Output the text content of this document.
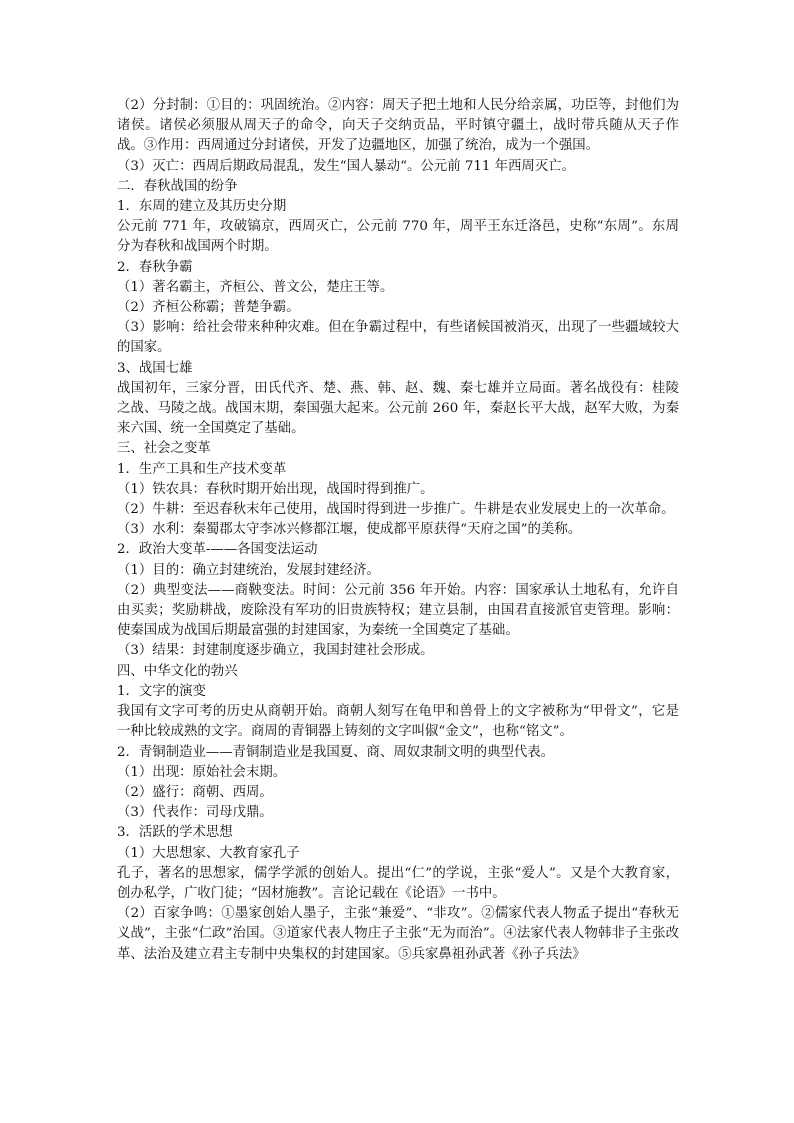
（2）分封制：①目的：巩固统治。②内容：周天子把土地和人民分给亲属，功臣等，封他们为诸侯。诸侯必须服从周天子的命令，向天子交纳贡品，平时镇守疆土，战时带兵随从天子作战。③作用：西周通过分封诸侯，开发了边疆地区，加强了统治，成为一个强国。

（3）灭亡：西周后期政局混乱，发生“国人暴动“。公元前 711 年西周灭亡。

二．春秋战国的纷争

1．东周的建立及其历史分期

公元前 771 年，攻破镐京，西周灭亡，公元前 770 年，周平王东迁洛邑，史称“东周”。东周分为春秋和战国两个时期。

2．春秋争霸

（1）著名霸主，齐桓公、普文公，楚庄王等。

（2）齐桓公称霸；普楚争霸。

（3）影响：给社会带来种种灾难。但在争霸过程中，有些诸候国被消灭，出现了一些疆域较大的国家。

3、战国七雄

战国初年，三家分晋，田氏代齐、楚、燕、韩、赵、魏、秦七雄并立局面。著名战役有：桂陵之战、马陵之战。战国末期，秦国强大起来。公元前 260 年，秦赵长平大战，赵军大败，为秦来六国、统一全国奠定了基础。

三、社会之变革

1．生产工具和生产技术变革

（1）铁农具：春秋时期开始出现，战国时得到推广。

（2）牛耕：至迟春秋末年己使用，战国时得到进一步推广。牛耕是农业发展史上的一次革命。

（3）水利：秦蜀郡太守李冰兴修都江堰，使成都平原获得“天府之国”的美称。

2．政治大变革-——各国变法运动

（1）目的：确立封建统治，发展封建经济。

（2）典型变法——商鞅变法。时间：公元前 356 年开始。内容：国家承认土地私有，允许自由买卖；奖励耕战，废除没有军功的旧贵族特权；建立县制，由国君直接派官吏管理。影响：使秦国成为战国后期最富强的封建国家，为秦统一全国奠定了基础。

（3）结果：封建制度逐步确立，我国封建社会形成。

四、中华文化的勃兴

1．文字的演变

我国有文字可考的历史从商朝开始。商朝人刻写在龟甲和兽骨上的文字被称为“甲骨文”，它是一种比较成熟的文字。商周的青铜器上铸刻的文字叫俶“金文”，也称“铭文”。

2．青铜制造业——青铜制造业是我国夏、商、周奴隶制文明的典型代表。

（1）出现：原始社会末期。

（2）盛行：商朝、西周。

（3）代表作：司母戊鼎。

3．活跃的学术思想

（1）大思想家、大教育家孔子

孔子，著名的思想家，儒学学派的创始人。提出“仁”的学说，主张“爱人”。又是个大教育家，创办私学，广收门徒；“因材施教”。言论记载在《论语》一书中。

（2）百家争鸣：①墨家创始人墨子，主张“兼爱”、“非攻”。②儒家代表人物孟子提出“春秋无义战”，主张“仁政”治国。③道家代表人物庄子主张“无为而治”。④法家代表人物韩非子主张改革、法治及建立君主专制中央集权的封建国家。⑤兵家鼻祖孙武著《孙子兵法》
